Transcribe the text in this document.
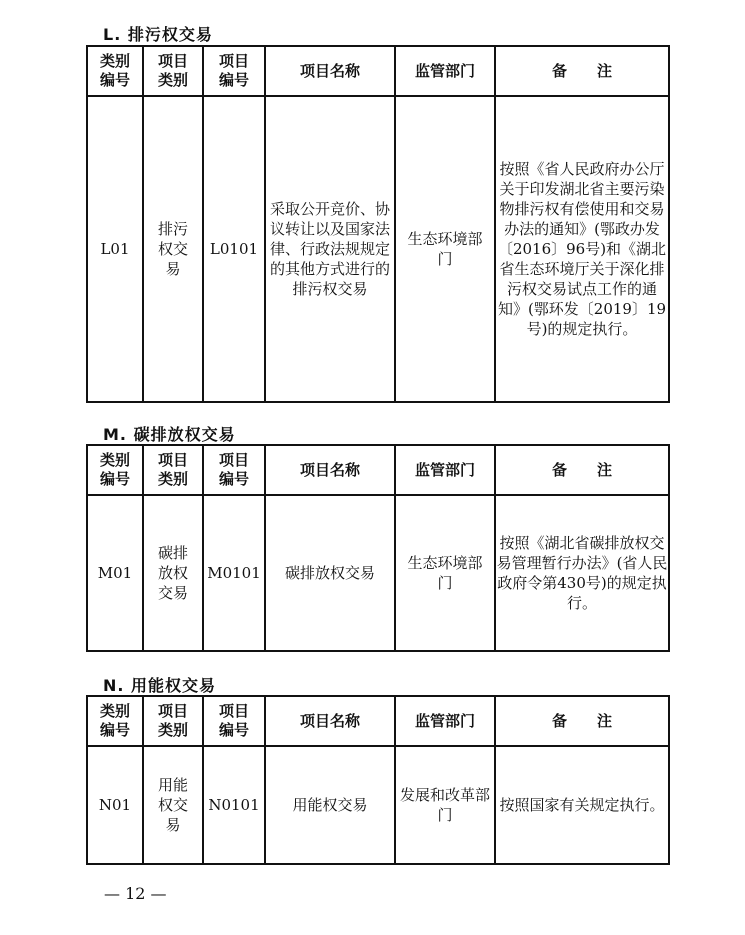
L. 排污权交易
类别编号	项目类别	项目编号	项目名称	监管部门	备　　注
L01	排污权交易	L0101	采取公开竞价、协议转让以及国家法律、行政法规规定的其他方式进行的排污权交易	生态环境部门	按照《省人民政府办公厅关于印发湖北省主要污染物排污权有偿使用和交易办法的通知》(鄂政办发〔2016〕96号)和《湖北省生态环境厅关于深化排污权交易试点工作的通知》(鄂环发〔2019〕19号)的规定执行。
M. 碳排放权交易
类别编号	项目类别	项目编号	项目名称	监管部门	备　　注
M01	碳排放权交易	M0101	碳排放权交易	生态环境部门	按照《湖北省碳排放权交易管理暂行办法》(省人民政府令第430号)的规定执行。
N. 用能权交易
类别编号	项目类别	项目编号	项目名称	监管部门	备　　注
N01	用能权交易	N0101	用能权交易	发展和改革部门	按照国家有关规定执行。
— 12 —
